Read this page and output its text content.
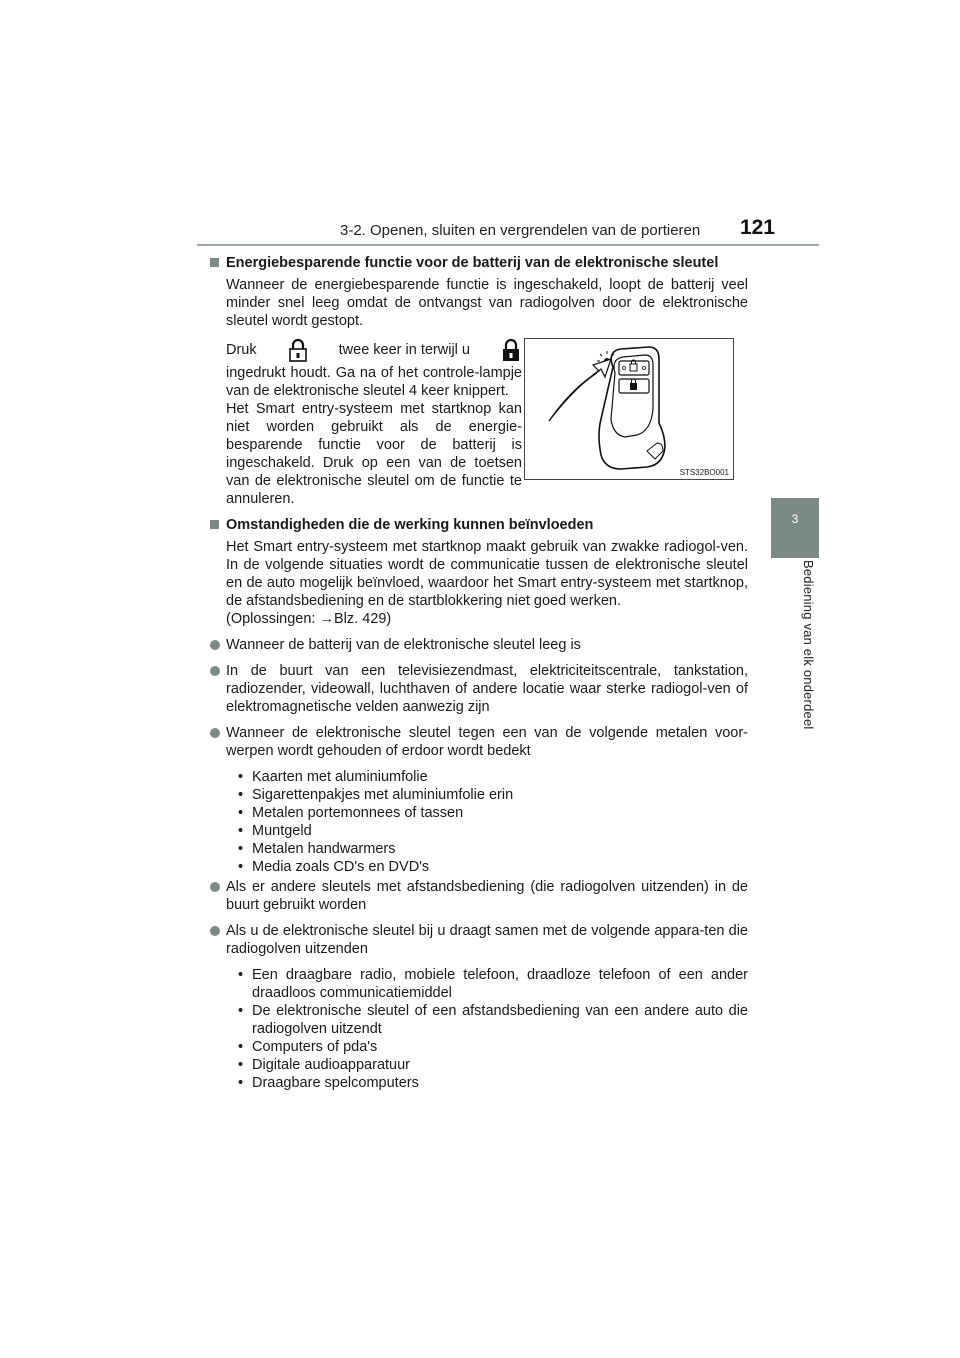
3-2. Openen, sluiten en vergrendelen van de portieren 121
3
Bediening van elk onderdeel
STS32BO001

Energiebesparende functie voor de batterij van de elektronische sleutel

Wanneer de energiebesparende functie is ingeschakeld, loopt de batterij veel minder snel leeg omdat de ontvangst van radiogolven door de elektronische sleutel wordt gestopt.

Druk	twee keer in terwijl u
ingedrukt houdt. Ga na of het controle-lampje van de elektronische sleutel 4 keer knippert.
Het Smart entry-systeem met startknop kan niet worden gebruikt als de energie-besparende functie voor de batterij is ingeschakeld. Druk op een van de toetsen van de elektronische sleutel om de functie te annuleren.

Omstandigheden die de werking kunnen beïnvloeden

Het Smart entry-systeem met startknop maakt gebruik van zwakke radiogol-ven. In de volgende situaties wordt de communicatie tussen de elektronische sleutel en de auto mogelijk beïnvloed, waardoor het Smart entry-systeem met startknop, de afstandsbediening en de startblokkering niet goed werken.
(Oplossingen: →Blz. 429)

Wanneer de batterij van de elektronische sleutel leeg is
In de buurt van een televisiezendmast, elektriciteitscentrale, tankstation, radiozender, videowall, luchthaven of andere locatie waar sterke radiogol-ven of elektromagnetische velden aanwezig zijn
Wanneer de elektronische sleutel tegen een van de volgende metalen voor-werpen wordt gehouden of erdoor wordt bedekt
• Kaarten met aluminiumfolie
• Sigarettenpakjes met aluminiumfolie erin
• Metalen portemonnees of tassen
• Muntgeld
• Metalen handwarmers
• Media zoals CD's en DVD's
Als er andere sleutels met afstandsbediening (die radiogolven uitzenden) in de buurt gebruikt worden
Als u de elektronische sleutel bij u draagt samen met de volgende appara-ten die radiogolven uitzenden
• Een draagbare radio, mobiele telefoon, draadloze telefoon of een ander draadloos communicatiemiddel
• De elektronische sleutel of een afstandsbediening van een andere auto die radiogolven uitzendt
• Computers of pda's
• Digitale audioapparatuur
• Draagbare spelcomputers
